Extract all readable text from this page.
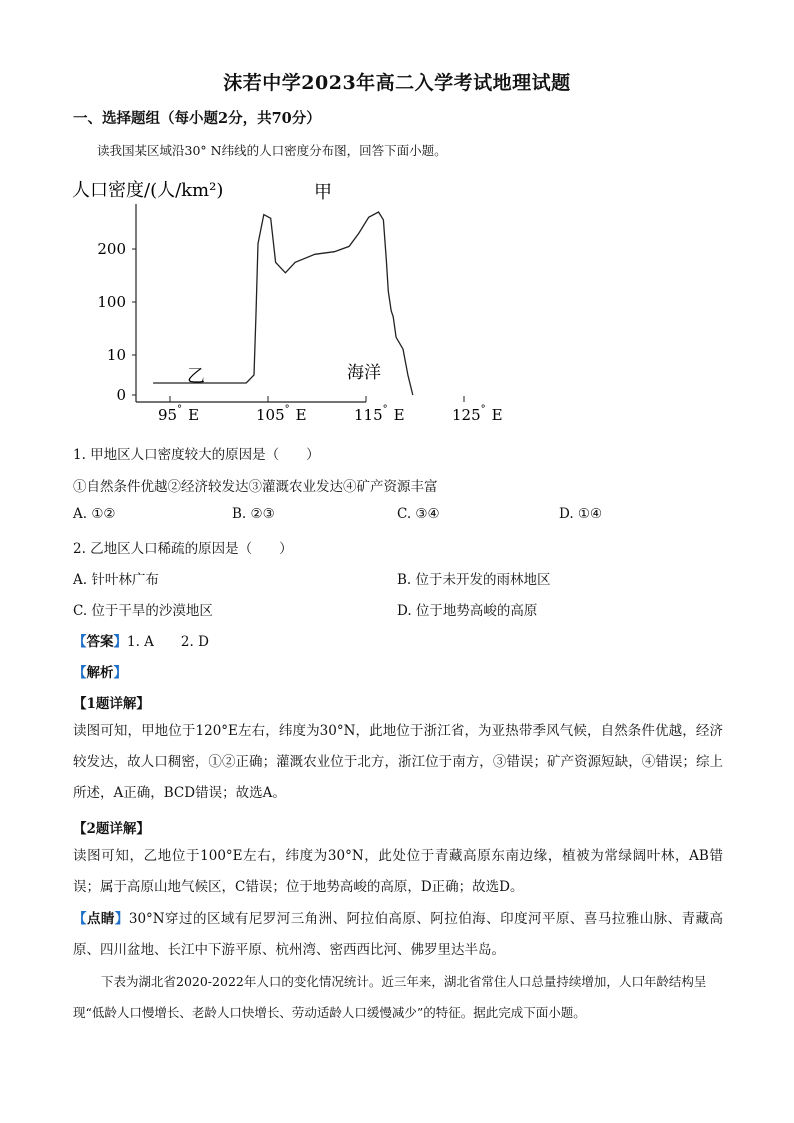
沫若中学2023年高二入学考试地理试题
一、选择题组（每小题2分，共70分）
读我国某区域沿30° N纬线的人口密度分布图，回答下面小题。
人口密度/(人/km²)
0
10
100
200
95° E	105° E	115° E	125° E
甲
乙	海洋
1. 甲地区人口密度较大的原因是（　　）
①自然条件优越②经济较发达③灌溉农业发达④矿产资源丰富
A. ①②	B. ②③	C. ③④	D. ①④
2. 乙地区人口稀疏的原因是（　　）
A. 针叶林广布	B. 位于未开发的雨林地区
C. 位于干旱的沙漠地区	D. 位于地势高峻的高原
【答案】1. A　　2. D
【解析】
【1题详解】
读图可知，甲地位于120°E左右，纬度为30°N，此地位于浙江省，为亚热带季风气候，自然条件优越，经济较发达，故人口稠密，①②正确；灌溉农业位于北方，浙江位于南方，③错误；矿产资源短缺，④错误；综上所述，A正确，BCD错误；故选A。
【2题详解】
读图可知，乙地位于100°E左右，纬度为30°N，此处位于青藏高原东南边缘，植被为常绿阔叶林，AB错误；属于高原山地气候区，C错误；位于地势高峻的高原，D正确；故选D。
【点睛】30°N穿过的区域有尼罗河三角洲、阿拉伯高原、阿拉伯海、印度河平原、喜马拉雅山脉、青藏高原、四川盆地、长江中下游平原、杭州湾、密西西比河、佛罗里达半岛。
下表为湖北省2020-2022年人口的变化情况统计。近三年来，湖北省常住人口总量持续增加，人口年龄结构呈现“低龄人口慢增长、老龄人口快增长、劳动适龄人口缓慢减少”的特征。据此完成下面小题。
